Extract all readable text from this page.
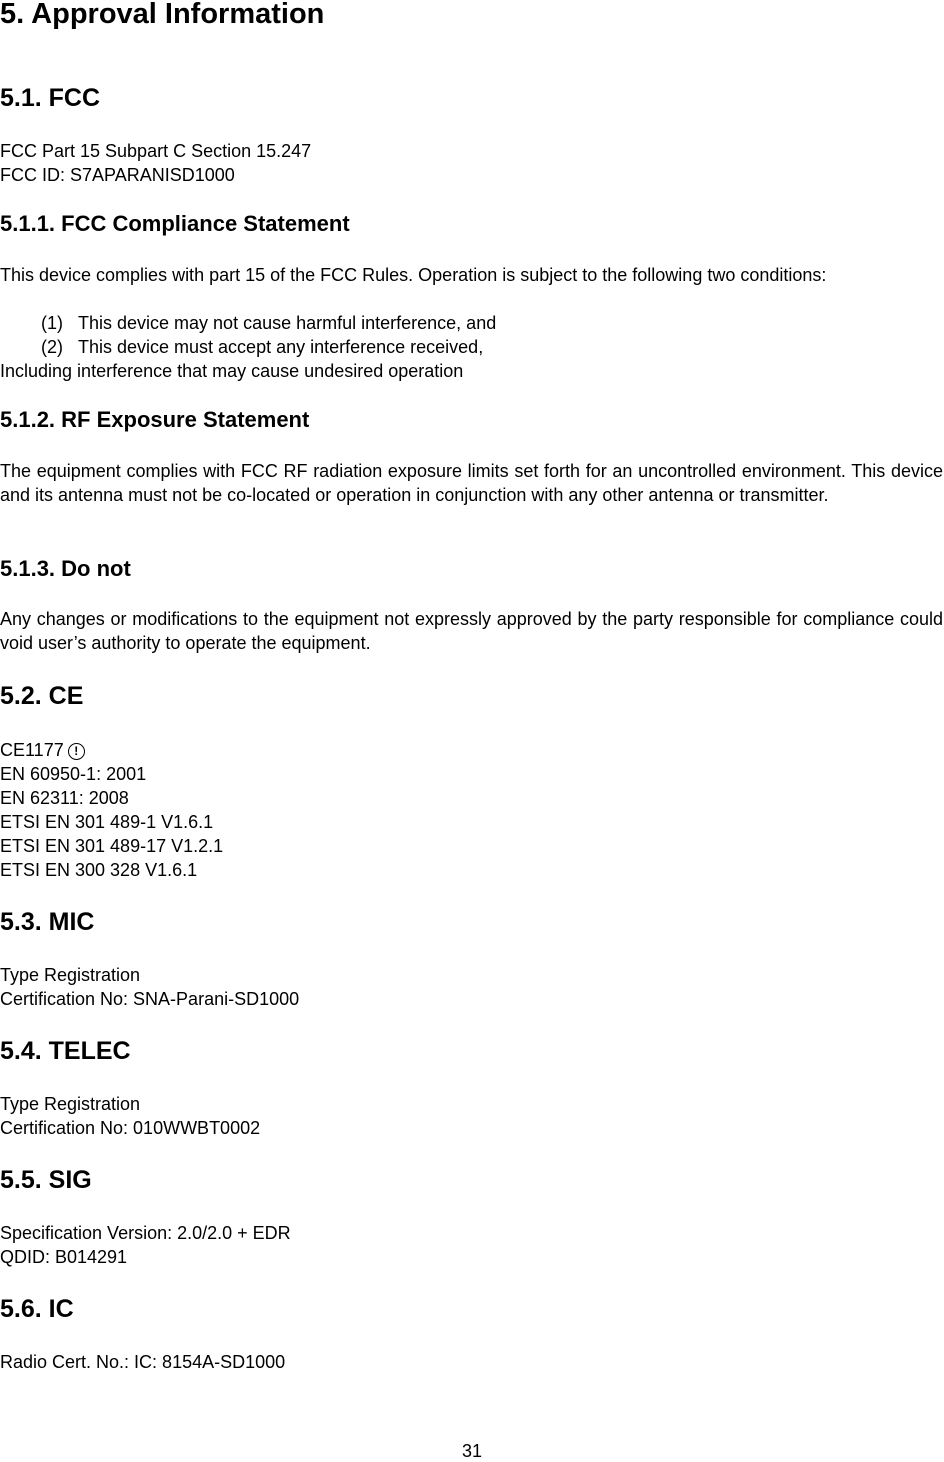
5. Approval Information
5.1. FCC
FCC Part 15 Subpart C Section 15.247
FCC ID: S7APARANISD1000
5.1.1. FCC Compliance Statement

This device complies with part 15 of the FCC Rules. Operation is subject to the following two conditions:

(1) This device may not cause harmful interference, and
(2) This device must accept any interference received,
Including interference that may cause undesired operation
5.1.2. RF Exposure Statement

The equipment complies with FCC RF radiation exposure limits set forth for an uncontrolled environment. This device and its antenna must not be co-located or operation in conjunction with any other antenna or transmitter.

5.1.3. Do not

Any changes or modifications to the equipment not expressly approved by the party responsible for compliance could void user’s authority to operate the equipment.

5.2. CE
CE1177 !
EN 60950-1: 2001
EN 62311: 2008
ETSI EN 301 489-1 V1.6.1
ETSI EN 301 489-17 V1.2.1
ETSI EN 300 328 V1.6.1
5.3. MIC
Type Registration
Certification No: SNA-Parani-SD1000
5.4. TELEC
Type Registration
Certification No: 010WWBT0002
5.5. SIG
Specification Version: 2.0/2.0 + EDR
QDID: B014291
5.6. IC
Radio Cert. No.: IC: 8154A-SD1000
31
